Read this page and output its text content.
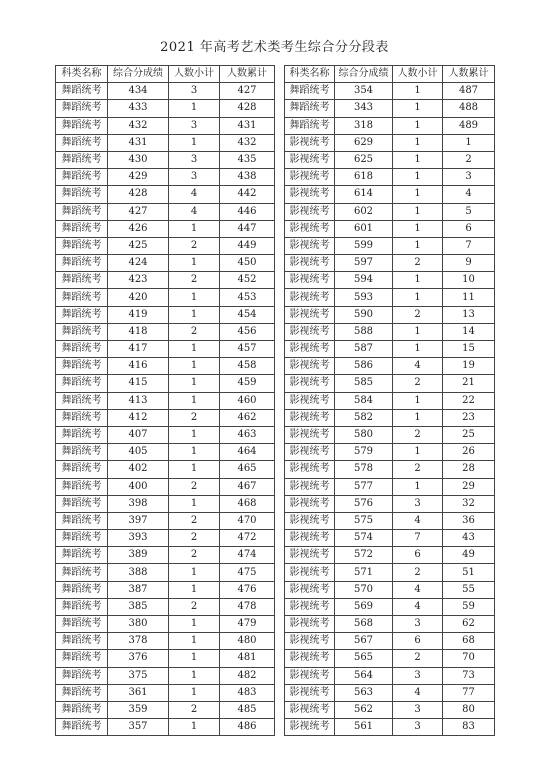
2021 年高考艺术类考生综合分分段表
科类名称	综合分成绩	人数小计	人数累计
舞蹈统考	434	3	427
舞蹈统考	433	1	428
舞蹈统考	432	3	431
舞蹈统考	431	1	432
舞蹈统考	430	3	435
舞蹈统考	429	3	438
舞蹈统考	428	4	442
舞蹈统考	427	4	446
舞蹈统考	426	1	447
舞蹈统考	425	2	449
舞蹈统考	424	1	450
舞蹈统考	423	2	452
舞蹈统考	420	1	453
舞蹈统考	419	1	454
舞蹈统考	418	2	456
舞蹈统考	417	1	457
舞蹈统考	416	1	458
舞蹈统考	415	1	459
舞蹈统考	413	1	460
舞蹈统考	412	2	462
舞蹈统考	407	1	463
舞蹈统考	405	1	464
舞蹈统考	402	1	465
舞蹈统考	400	2	467
舞蹈统考	398	1	468
舞蹈统考	397	2	470
舞蹈统考	393	2	472
舞蹈统考	389	2	474
舞蹈统考	388	1	475
舞蹈统考	387	1	476
舞蹈统考	385	2	478
舞蹈统考	380	1	479
舞蹈统考	378	1	480
舞蹈统考	376	1	481
舞蹈统考	375	1	482
舞蹈统考	361	1	483
舞蹈统考	359	2	485
舞蹈统考	357	1	486
科类名称	综合分成绩	人数小计	人数累计
舞蹈统考	354	1	487
舞蹈统考	343	1	488
舞蹈统考	318	1	489
影视统考	629	1	1
影视统考	625	1	2
影视统考	618	1	3
影视统考	614	1	4
影视统考	602	1	5
影视统考	601	1	6
影视统考	599	1	7
影视统考	597	2	9
影视统考	594	1	10
影视统考	593	1	11
影视统考	590	2	13
影视统考	588	1	14
影视统考	587	1	15
影视统考	586	4	19
影视统考	585	2	21
影视统考	584	1	22
影视统考	582	1	23
影视统考	580	2	25
影视统考	579	1	26
影视统考	578	2	28
影视统考	577	1	29
影视统考	576	3	32
影视统考	575	4	36
影视统考	574	7	43
影视统考	572	6	49
影视统考	571	2	51
影视统考	570	4	55
影视统考	569	4	59
影视统考	568	3	62
影视统考	567	6	68
影视统考	565	2	70
影视统考	564	3	73
影视统考	563	4	77
影视统考	562	3	80
影视统考	561	3	83
